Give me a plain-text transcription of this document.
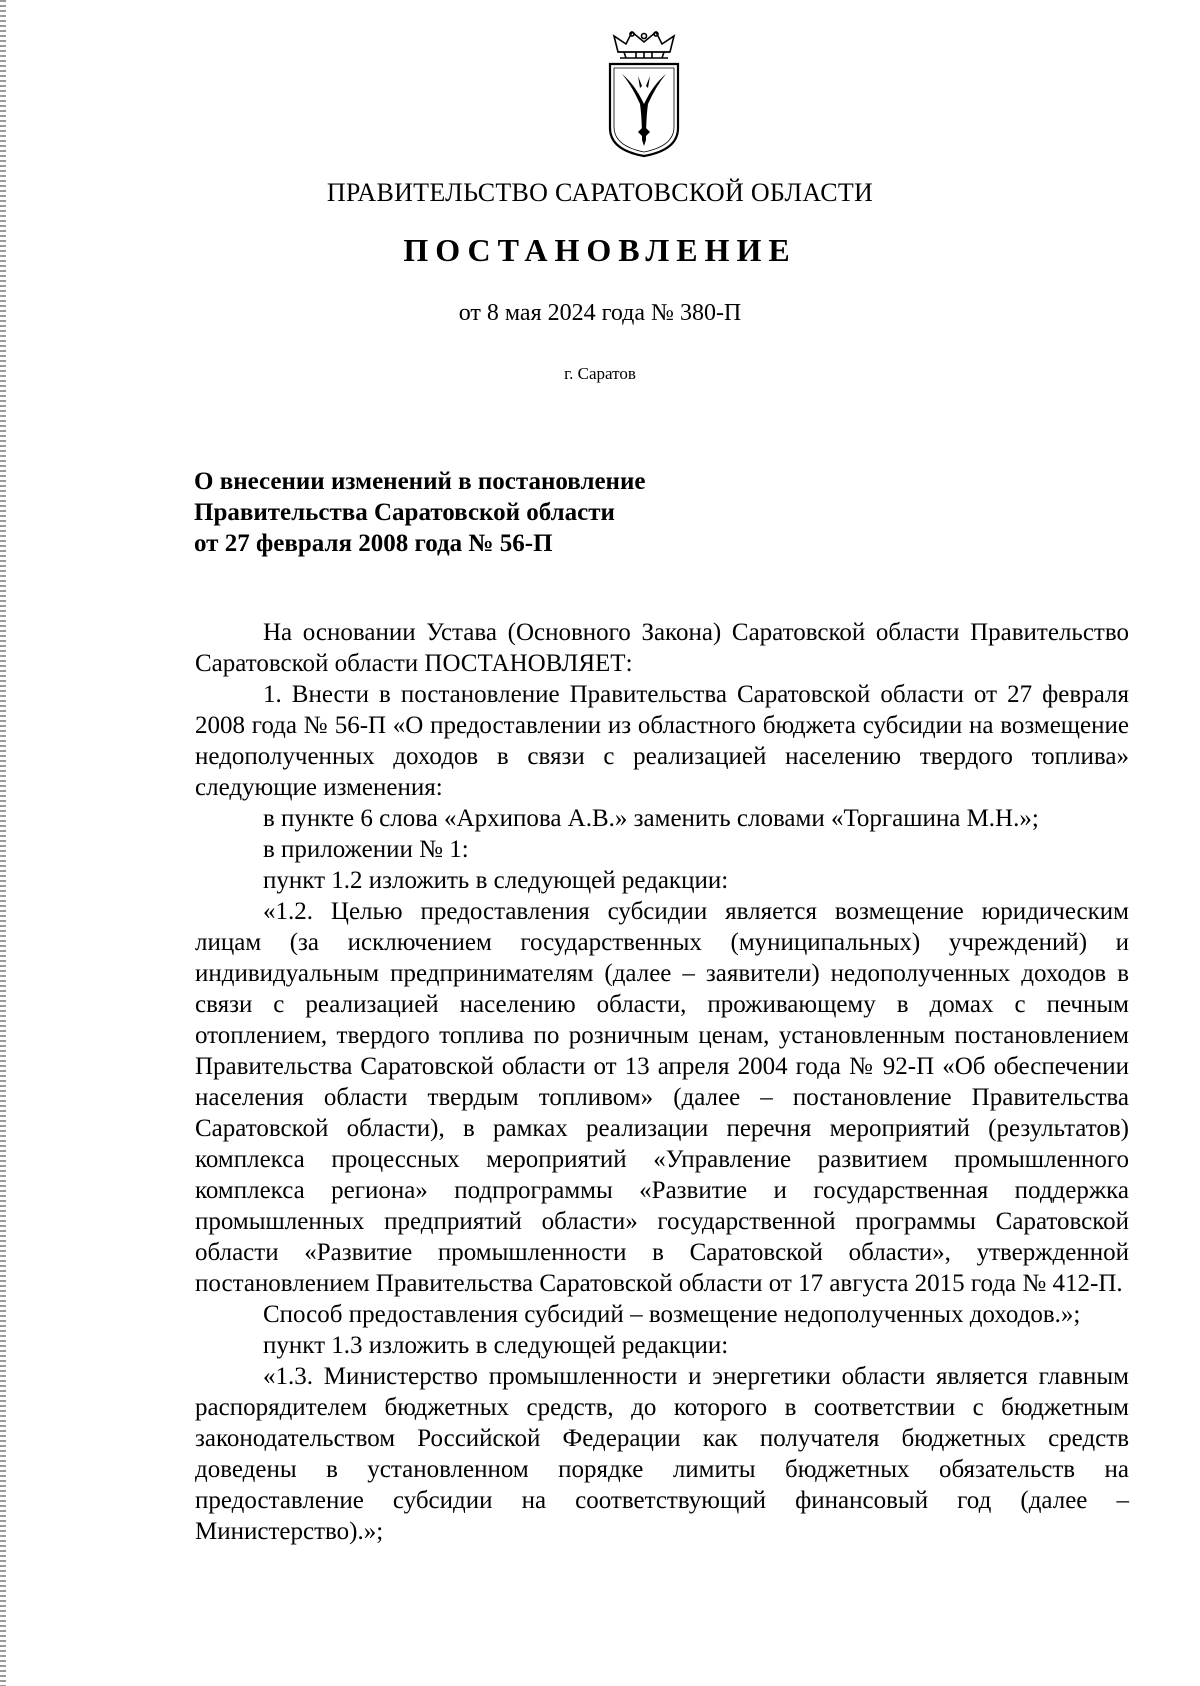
ПРАВИТЕЛЬСТВО САРАТОВСКОЙ ОБЛАСТИ

ПОСТАНОВЛЕНИЕ

от 8 мая 2024 года № 380-П

г. Саратов

О внесении изменений в постановление
Правительства Саратовской области
от 27 февраля 2008 года № 56-П

На основании Устава (Основного Закона) Саратовской области Правительство Саратовской области ПОСТАНОВЛЯЕТ:

1. Внести в постановление Правительства Саратовской области от 27 февраля 2008 года № 56-П «О предоставлении из областного бюджета субсидии на возмещение недополученных доходов в связи с реализацией населению твердого топлива» следующие изменения:

в пункте 6 слова «Архипова А.В.» заменить словами «Торгашина М.Н.»;

в приложении № 1:

пункт 1.2 изложить в следующей редакции:

«1.2. Целью предоставления субсидии является возмещение юридическим лицам (за исключением государственных (муниципальных) учреждений) и индивидуальным предпринимателям (далее – заявители) недополученных доходов в связи с реализацией населению области, проживающему в домах с печным отоплением, твердого топлива по розничным ценам, установленным постановлением Правительства Саратовской области от 13 апреля 2004 года № 92-П «Об обеспечении населения области твердым топливом» (далее – постановление Правительства Саратовской области), в рамках реализации перечня мероприятий (результатов) комплекса процессных мероприятий «Управление развитием промышленного комплекса региона» подпрограммы «Развитие и государственная поддержка промышленных предприятий области» государственной программы Саратовской области «Развитие промышленности в Саратовской области», утвержденной постановлением Правительства Саратовской области от 17 августа 2015 года № 412-П.

Способ предоставления субсидий – возмещение недополученных доходов.»;

пункт 1.3 изложить в следующей редакции:

«1.3. Министерство промышленности и энергетики области является главным распорядителем бюджетных средств, до которого в соответствии с бюджетным законодательством Российской Федерации как получателя бюджетных средств доведены в установленном порядке лимиты бюджетных обязательств на предоставление субсидии на соответствующий финансовый год (далее – Министерство).»;
